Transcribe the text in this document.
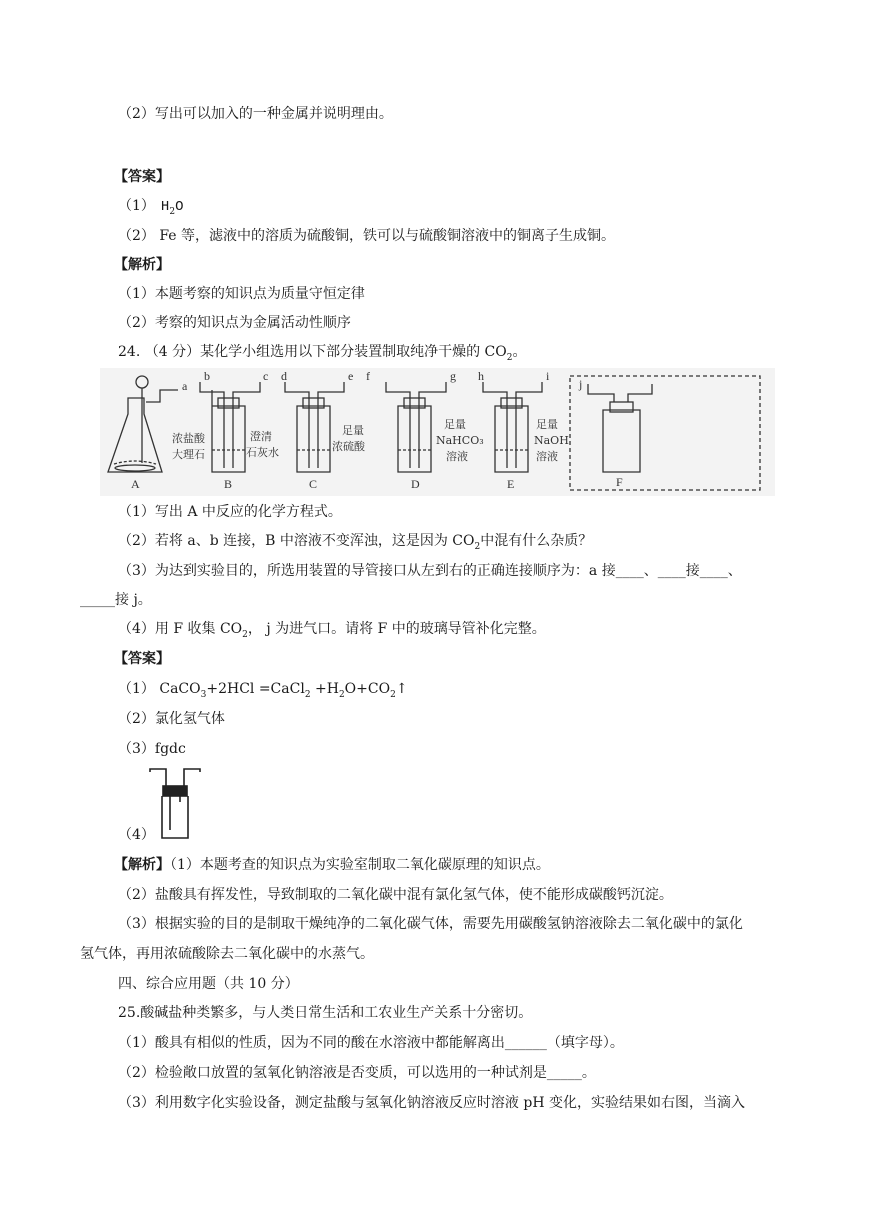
（2）写出可以加入的一种金属并说明理由。
【答案】
（1） $H_2O$
（2） Fe 等，滤液中的溶质为硫酸铜，铁可以与硫酸铜溶液中的铜离子生成铜。
【解析】
（1）本题考察的知识点为质量守恒定律
（2）考察的知识点为金属活动性顺序
24. （4 分）某化学小组选用以下部分装置制取纯净干燥的 $CO_2$。
a
b	c d	e f	g h	i
j
浓盐酸
大理石
澄清
石灰水
足量
浓硫酸
足量
NaHCO₃
溶液
足量
NaOH
溶液
A	B	C	D	E	F
（1）写出 A 中反应的化学方程式。
（2）若将 a、b 连接，B 中溶液不变浑浊，这是因为 $CO_2$中混有什么杂质？
（3）为达到实验目的，所选用装置的导管接口从左到右的正确连接顺序为：a 接____、____接____、
_____接 j。
（4）用 F 收集 $CO_2$， j 为进气口。请将 F 中的玻璃导管补化完整。
【答案】
（1） CaCO$_3$+2HCl =CaCl$_2$ $+H_2O+CO_2↑$
（2）氯化氢气体
（3）fgdc
（4）
【解析】（1）本题考查的知识点为实验室制取二氧化碳原理的知识点。
（2）盐酸具有挥发性，导致制取的二氧化碳中混有氯化氢气体，使不能形成碳酸钙沉淀。
（3）根据实验的目的是制取干燥纯净的二氧化碳气体，需要先用碳酸氢钠溶液除去二氧化碳中的氯化
氢气体，再用浓硫酸除去二氧化碳中的水蒸气。
四、综合应用题（共 10 分）
25.酸碱盐种类繁多，与人类日常生活和工农业生产关系十分密切。
（1）酸具有相似的性质，因为不同的酸在水溶液中都能解离出______（填字母）。
（2）检验敞口放置的氢氧化钠溶液是否变质，可以选用的一种试剂是_____。
（3）利用数字化实验设备，测定盐酸与氢氧化钠溶液反应时溶液 pH 变化，实验结果如右图，当滴入
